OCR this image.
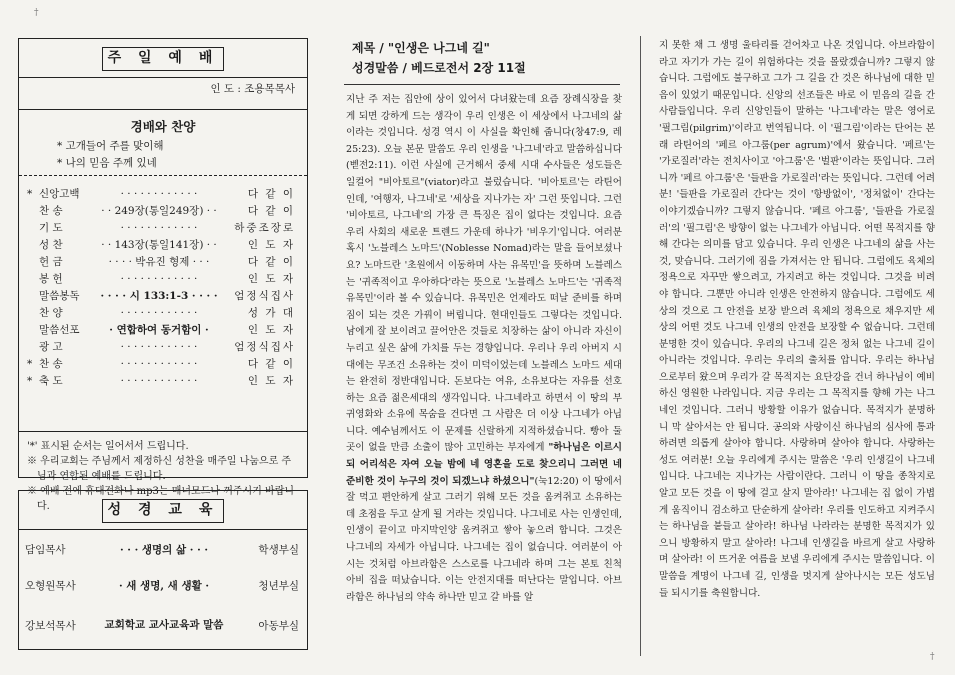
주 일 예 배
인 도 : 조용목목사
경배와 찬양
* 고개들어 주를 맞이해
* 나의 믿음 주께 있네
* 신앙고백	· · · · · · · · · · · ·	다 같 이
찬 송	· · 249장(통일249장) · ·	다 같 이
기 도	· · · · · · · · · · · ·	하중조장로
성 찬	· · 143장(통일141장) · ·	인 도 자
헌 금	· · · · 박유진 형제 · · ·	다 같 이
봉 헌	· · · · · · · · · · · ·	인 도 자
말씀봉독	· · · · 시 133:1-3 · · · ·	엄정식집사
찬 양	· · · · · · · · · · · ·	성 가 대
말씀선포	· 연합하여 동거함이 ·	인 도 자
광 고	· · · · · · · · · · · ·	엄정식집사
* 찬 송	· · · · · · · · · · · ·	다 같 이
* 축 도	· · · · · · · · · · · ·	인 도 자

'*' 표시된 순서는 일어서서 드립니다.

※ 우리교회는 주님께서 제정하신 성찬을 매주일 나눔으로 주님과 연합된 예배를 드립니다.

※ 예배 전에 휴대전화나 mp3는 매너모드나 꺼주시기 바랍니다.	성 경 교 육
담임목사	· · · 생명의 삶 · · ·	학생부실
오형원목사	· 새 생명, 새 생활 ·	청년부실
강보석목사	교회학교 교사교육과 말씀	아동부실
제목 / "인생은 나그네 길"
성경말씀 / 베드로전서 2장 11절
지난 주 저는 집안에 상이 있어서 다녀왔는데 요즘 장례식장을 찾게 되면 강하게 드는 생각이 우리 인생은 이 세상에서 나그네의 삶이라는 것입니다. 성경 역시 이 사실을 확인해 줍니다(창47:9, 레25:23). 오늘 본문 말씀도 우리 인생을 '나그네'라고 말씀하십니다(벧전2:11). 이런 사실에 근거해서 중세 시대 수사들은 성도들은 일컬어 "비아토르"(viator)라고 불렀습니다. '비아토르'는 라틴어인데, '여행자, 나그네'로 '세상을 지나가는 자' 그런 뜻입니다. 그런 '비아토르, 나그네'의 가장 큰 특징은 집이 없다는 것입니다. 요즘 우리 사회의 새로운 트렌드 가운데 하나가 '비우기'입니다. 여러분 혹시 '노블레스 노마드'(Noblesse Nomad)라는 말을 들어보셨나요? 노마드란 '초원에서 이동하며 사는 유목민'을 뜻하며 노블레스는 '귀족적이고 우아하다'라는 뜻으로 '노블레스 노마드'는 '귀족적 유목민'이라 볼 수 있습니다. 유목민은 언제라도 떠날 준비를 하며 짐이 되는 것은 가꿔이 버립니다. 현대인들도 그렇다는 것입니다. 남에게 잘 보이려고 끌어안은 것들로 치장하는 삶이 아니라 자신이 누리고 싶은 삶에 가치를 두는 경향입니다. 우리나 우리 아버지 시대에는 무조건 소유하는 것이 미덕이었는데 노블레스 노마드 세대는 완전히 정반대입니다. 돈보다는 여유, 소유보다는 자유를 선호하는 요즘 젊은세대의 생각입니다. 나그네라고 하면서 이 땅의 부귀영화와 소유에 목숨을 건다면 그 사람은 더 이상 나그네가 아닙니다. 예수님께서도 이 문제를 신랄하게 지적하셨습니다. 빵아 둘 곳이 없을 만큼 소출이 많아 고민하는 부자에게 "하나님은 이르시되 어리석은 자여 오늘 밤에 네 영혼을 도로 찾으리니 그러면 네 준비한 것이 누구의 것이 되겠느냐 하셨으니"(눅12:20) 이 땅에서 잘 먹고 편안하게 살고 그러기 위해 모든 것을 움켜쥐고 소유하는데 초점을 두고 살게 될 거라는 것입니다. 나그네로 사는 인생인데, 인생이 끝이고 마지막인양 움켜쥐고 쌓아 놓으려 합니다. 그것은 나그네의 자세가 아닙니다. 나그네는 집이 없습니다. 여러분이 아시는 것처럼 아브라함은 스스로를 나그네라 하며 그는 본토 친척 아비 집을 떠났습니다. 이는 안전지대를 떠난다는 말입니다. 아브라함은 하나님의 약속 하나만 믿고 갈 바를 알
지 못한 채 그 생명 울타리를 걷어차고 나온 것입니다. 아브라함이라고 자기가 가는 길이 위험하다는 것을 몰랐겠습니까? 그렇지 않습니다. 그럼에도 불구하고 그가 그 길을 간 것은 하나님에 대한 믿음이 있었기 때문입니다. 신앙의 선조들은 바로 이 믿음의 길을 간 사람들입니다. 우리 신앙인들이 말하는 '나그네'라는 말은 영어로 '필그림(pilgrim)'이라고 번역됩니다. 이 '필그림'이라는 단어는 본래 라틴어의 '페르 아그룸(per agrum)'에서 왔습니다. '페르'는 '가로질러'라는 전치사이고 '아그룸'은 '벌판'이라는 뜻입니다. 그러니까 '페르 아그룸'은 '들판을 가로질러'라는 뜻입니다. 그런데 어려분! '들판을 가로질러 간다'는 것이 '항방없이', '정처없이' 간다는 이야기겠습니까? 그렇지 않습니다. '페르 아그룸', '들판을 가로질러'의 '필그림'은 방향이 없는 나그네가 아닙니다. 어떤 목적지를 향해 간다는 의미를 담고 있습니다. 우리 인생은 나그네의 삶을 사는 것, 맞습니다. 그러기에 짐을 가져서는 안 됩니다. 그럼에도 육체의 정욕으로 자꾸만 쌓으려고, 가지려고 하는 것입니다. 그것을 비려야 합니다. 그뿐만 아니라 인생은 안전하지 않습니다. 그럼에도 세상의 것으로 그 안전을 보장 받으려 육체의 정욕으로 채우지만 세상의 어떤 것도 나그네 인생의 안전을 보장할 수 없습니다. 그런데 분명한 것이 있습니다. 우리의 나그네 길은 정처 없는 나그네 길이 아니라는 것입니다. 우리는 우리의 출처를 압니다. 우리는 하나님으로부터 왔으며 우리가 갈 목적지는 요단강을 건너 하나님이 예비하신 영원한 나라입니다. 지금 우리는 그 목적지를 향해 가는 나그네인 것입니다. 그러니 방황할 이유가 없습니다. 목적지가 분명하니 막 살아서는 안 됩니다. 공의와 사랑이신 하나님의 심사에 통과하려면 의롭게 살아야 합니다. 사랑하며 살아야 합니다. 사랑하는 성도 여러분! 오늘 우리에게 주시는 말씀은 '우리 인생길이 나그네입니다. 나그네는 지나가는 사람이란다. 그러니 이 땅을 종착지로 알고 모든 것을 이 땅에 걸고 살지 말아라!' 나그네는 집 없이 가볍게 움직이니 검소하고 단순하게 살아라! 우리를 인도하고 지켜주시는 하나님을 붙들고 살아라! 하나님 나라라는 분명한 목적지가 있으니 방황하지 말고 살아라! 나그네 인생길을 바르게 살고 사랑하며 살아라! 이 뜨거운 여름을 보낼 우리에게 주시는 말씀입니다. 이 말씀을 계명이 나그네 길, 인생을 멋지게 살아나시는 모든 성도님들 되시기를 축원합니다.
†
†
